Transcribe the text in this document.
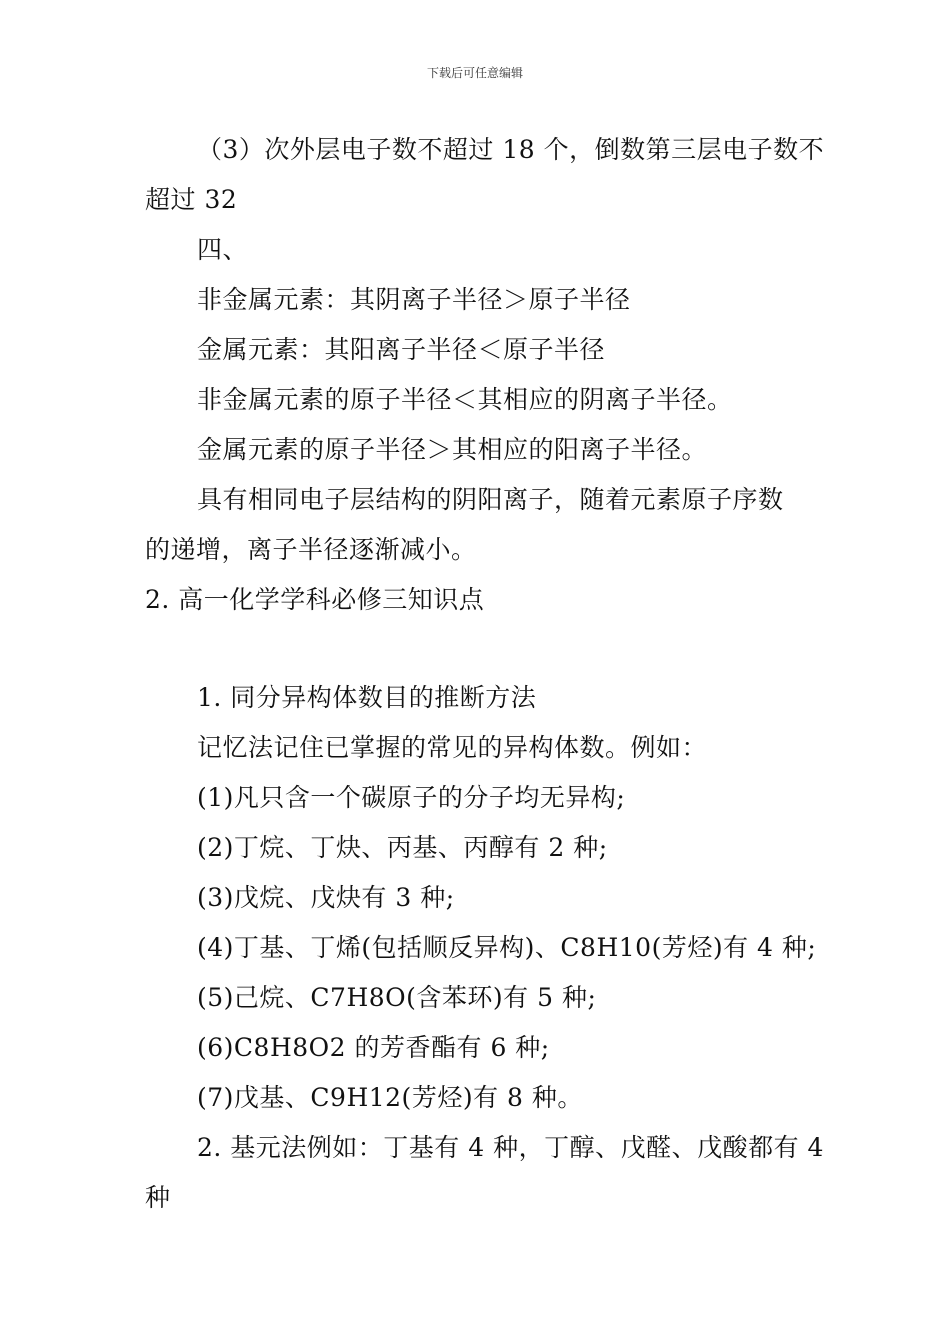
下载后可任意编辑
（3）次外层电子数不超过 18 个，倒数第三层电子数不
超过 32
四、
非金属元素：其阴离子半径＞原子半径
金属元素：其阳离子半径＜原子半径
非金属元素的原子半径＜其相应的阴离子半径。
金属元素的原子半径＞其相应的阳离子半径。
具有相同电子层结构的阴阳离子，随着元素原子序数
的递增，离子半径逐渐减小。
2. 高一化学学科必修三知识点
1. 同分异构体数目的推断方法
记忆法记住已掌握的常见的异构体数。例如：
(1)凡只含一个碳原子的分子均无异构;
(2)丁烷、丁炔、丙基、丙醇有 2 种;
(3)戊烷、戊炔有 3 种;
(4)丁基、丁烯(包括顺反异构)、C8H10(芳烃)有 4 种;
(5)己烷、C7H8O(含苯环)有 5 种;
(6)C8H8O2 的芳香酯有 6 种;
(7)戊基、C9H12(芳烃)有 8 种。
2. 基元法例如：丁基有 4 种，丁醇、戊醛、戊酸都有 4
种
